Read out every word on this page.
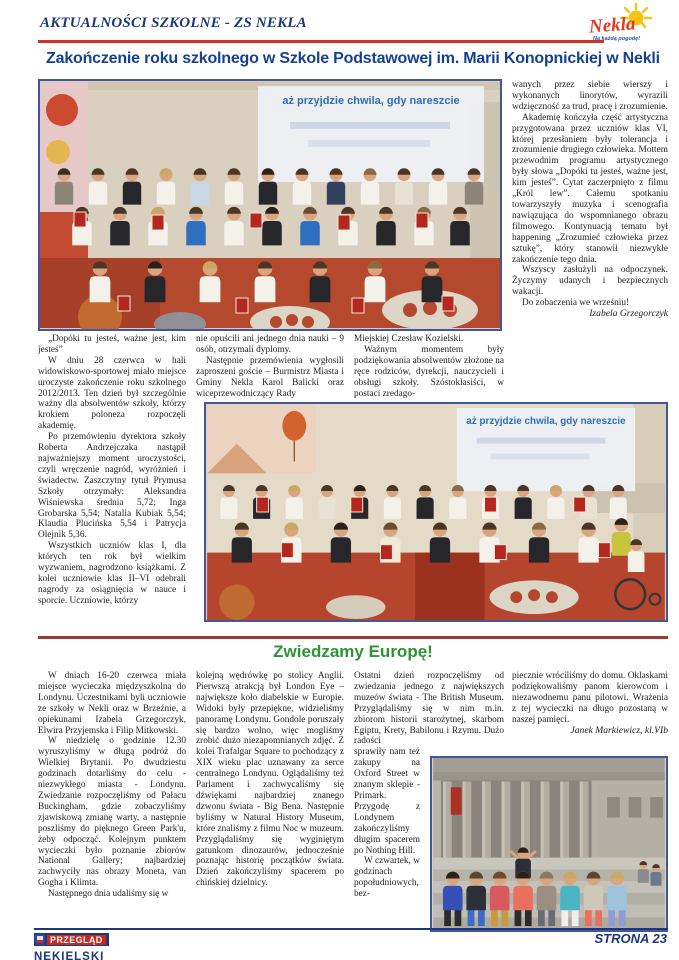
AKTUALNOŚCI SZKOLNE - ZS NEKLA	Nekla
Na każdą pogodę!
Zakończenie roku szkolnego w Szkole Podstawowej im. Marii Konopnickiej w Nekli
aż przyjdzie chwila, gdy nareszcie

wanych przez siebie wierszy i wykonanych linorytów, wyrazili wdzięczność za trud, pracę i zrozumienie.

Akademię kończyła część artystyczna przygotowana przez uczniów klas VI, której przesłaniem były tolerancja i zrozumienie drugiego człowieka. Mottem przewodnim programu artystycznego były słowa „Dopóki tu jesteś, ważne jest, kim jesteś”. Cytat zaczerpnięto z filmu „Król lew”. Całemu spotkaniu towarzyszyły muzyka i scenografia nawiązująca do wspomnianego obrazu filmowego. Kontynuacją tematu był happening „Zrozumieć człowieka przez sztukę”, który stanowił niezwykłe zakończenie tego dnia.

Wszyscy zasłużyli na odpoczynek. Życzymy udanych i bezpiecznych wakacji.

Do zobaczenia we wrześniu!

Izabela Grzegorczyk

„Dopóki tu jesteś, ważne jest, kim jesteś”

W dniu 28 czerwca w hali widowiskowo-sportowej miało miejsce uroczyste zakończenie roku szkolnego 2012/2013. Ten dzień był szczególnie ważny dla absolwentów szkoły, którzy krokiem poloneza rozpoczęli akademię.

Po przemówieniu dyrektora szkoły Roberta Andrzejczaka nastąpił najważniejszy moment uroczystości, czyli wręczenie nagród, wyróżnień i świadectw. Zaszczytny tytuł Prymusa Szkoły otrzymały: Aleksandra Wiśniewska średnia 5,72; Inga Grobarska 5,54; Natalia Kubiak 5,54; Klaudia Plucińska 5,54 i Patrycja Olejnik 5,36.

Wszystkich uczniów klas I, dla których ten rok był wielkim wyzwaniem, nagrodzono książkami. Z kolei uczniowie klas II–VI odebrali nagrody za osiągnięcia w nauce i sporcie. Uczniowie, którzy

nie opuścili ani jednego dnia nauki – 9 osób, otrzymali dyplomy.

Następnie przemówienia wygłosili zaproszeni goście – Burmistrz Miasta i Gminy Nekla Karol Balicki oraz wiceprzewodniczący Rady

Miejskiej Czesław Kozielski.

Ważnym momentem były podziękowania absolwentów złożone na ręce rodziców, dyrekcji, nauczycieli i obsługi szkoły. Szóstoklasiści, w postaci zredago-

aż przyjdzie chwila, gdy nareszcie
Zwiedzamy Europę!

W dniach 16-20 czerwca miała miejsce wycieczka międzyszkolna do Londynu. Uczestnikami byli uczniowie ze szkoły w Nekli oraz w Brzeźnie, a opiekunami Izabela Grzegorczyk, Elwira Przyjemska i Filip Mitkowski.

W niedzielę o godzinie 12.30 wyruszyliśmy w długą podróż do Wielkiej Brytanii. Po dwudziestu godzinach dotarliśmy do celu - niezwykłego miasta - Londynu. Zwiedzanie rozpoczęliśmy od Pałacu Buckingham, gdzie zobaczyliśmy zjawiskową zmianę warty, a następnie poszliśmy do pięknego Green Park'u, żeby odpocząć. Kolejnym punktem wycieczki było poznanie zbiorów National Gallery; najbardziej zachwyciły nas obrazy Moneta, van Gogha i Klimta.

Następnego dnia udaliśmy się w

kolejną wędrówkę po stolicy Anglii. Pierwszą atrakcją był London Eye – największe koło diabelskie w Europie. Widoki były przepiękne, widzieliśmy panoramę Londynu. Gondole poruszały się bardzo wolno, więc mogliśmy zrobić dużo niezapomnianych zdjęć. Z kolei Trafalgar Square to pochodzący z XIX wieku plac uznawany za serce centralnego Londynu. Oglądaliśmy też Parlament i zachwycaliśmy się dźwiękami najbardziej znanego dzwonu świata - Big Bena. Następnie byliśmy w Natural History Museum, które znaliśmy z filmu Noc w muzeum. Przyglądaliśmy się wyginiętym gatunkom dinozaurów, jednocześnie poznając historię początków świata. Dzień zakończyliśmy spacerem po chińskiej dzielnicy.

Ostatni dzień rozpoczęliśmy od zwiedzania jednego z największych muzeów świata - The British Museum. Przyglądaliśmy się w nim m.in. zbiorom historii starożytnej, skarbom Egiptu, Krety, Babilonu i Rzymu. Dużo radości

sprawiły nam też zakupy na Oxford Street w znanym sklepie - Primark. Przygodę z Londynem zakończyliśmy długim spacerem po Nothing Hill.

W czwartek, w godzinach popołudniowych, bez-

piecznie wróciliśmy do domu. Oklaskami podziękowaliśmy panom kierowcom i niezawodnemu panu pilotowi. Wrażenia z tej wycieczki na długo pozostaną w naszej pamięci.

Janek Markiewicz, kl.VIb

PRZEGLĄD
NEKIELSKI
STRONA 23
